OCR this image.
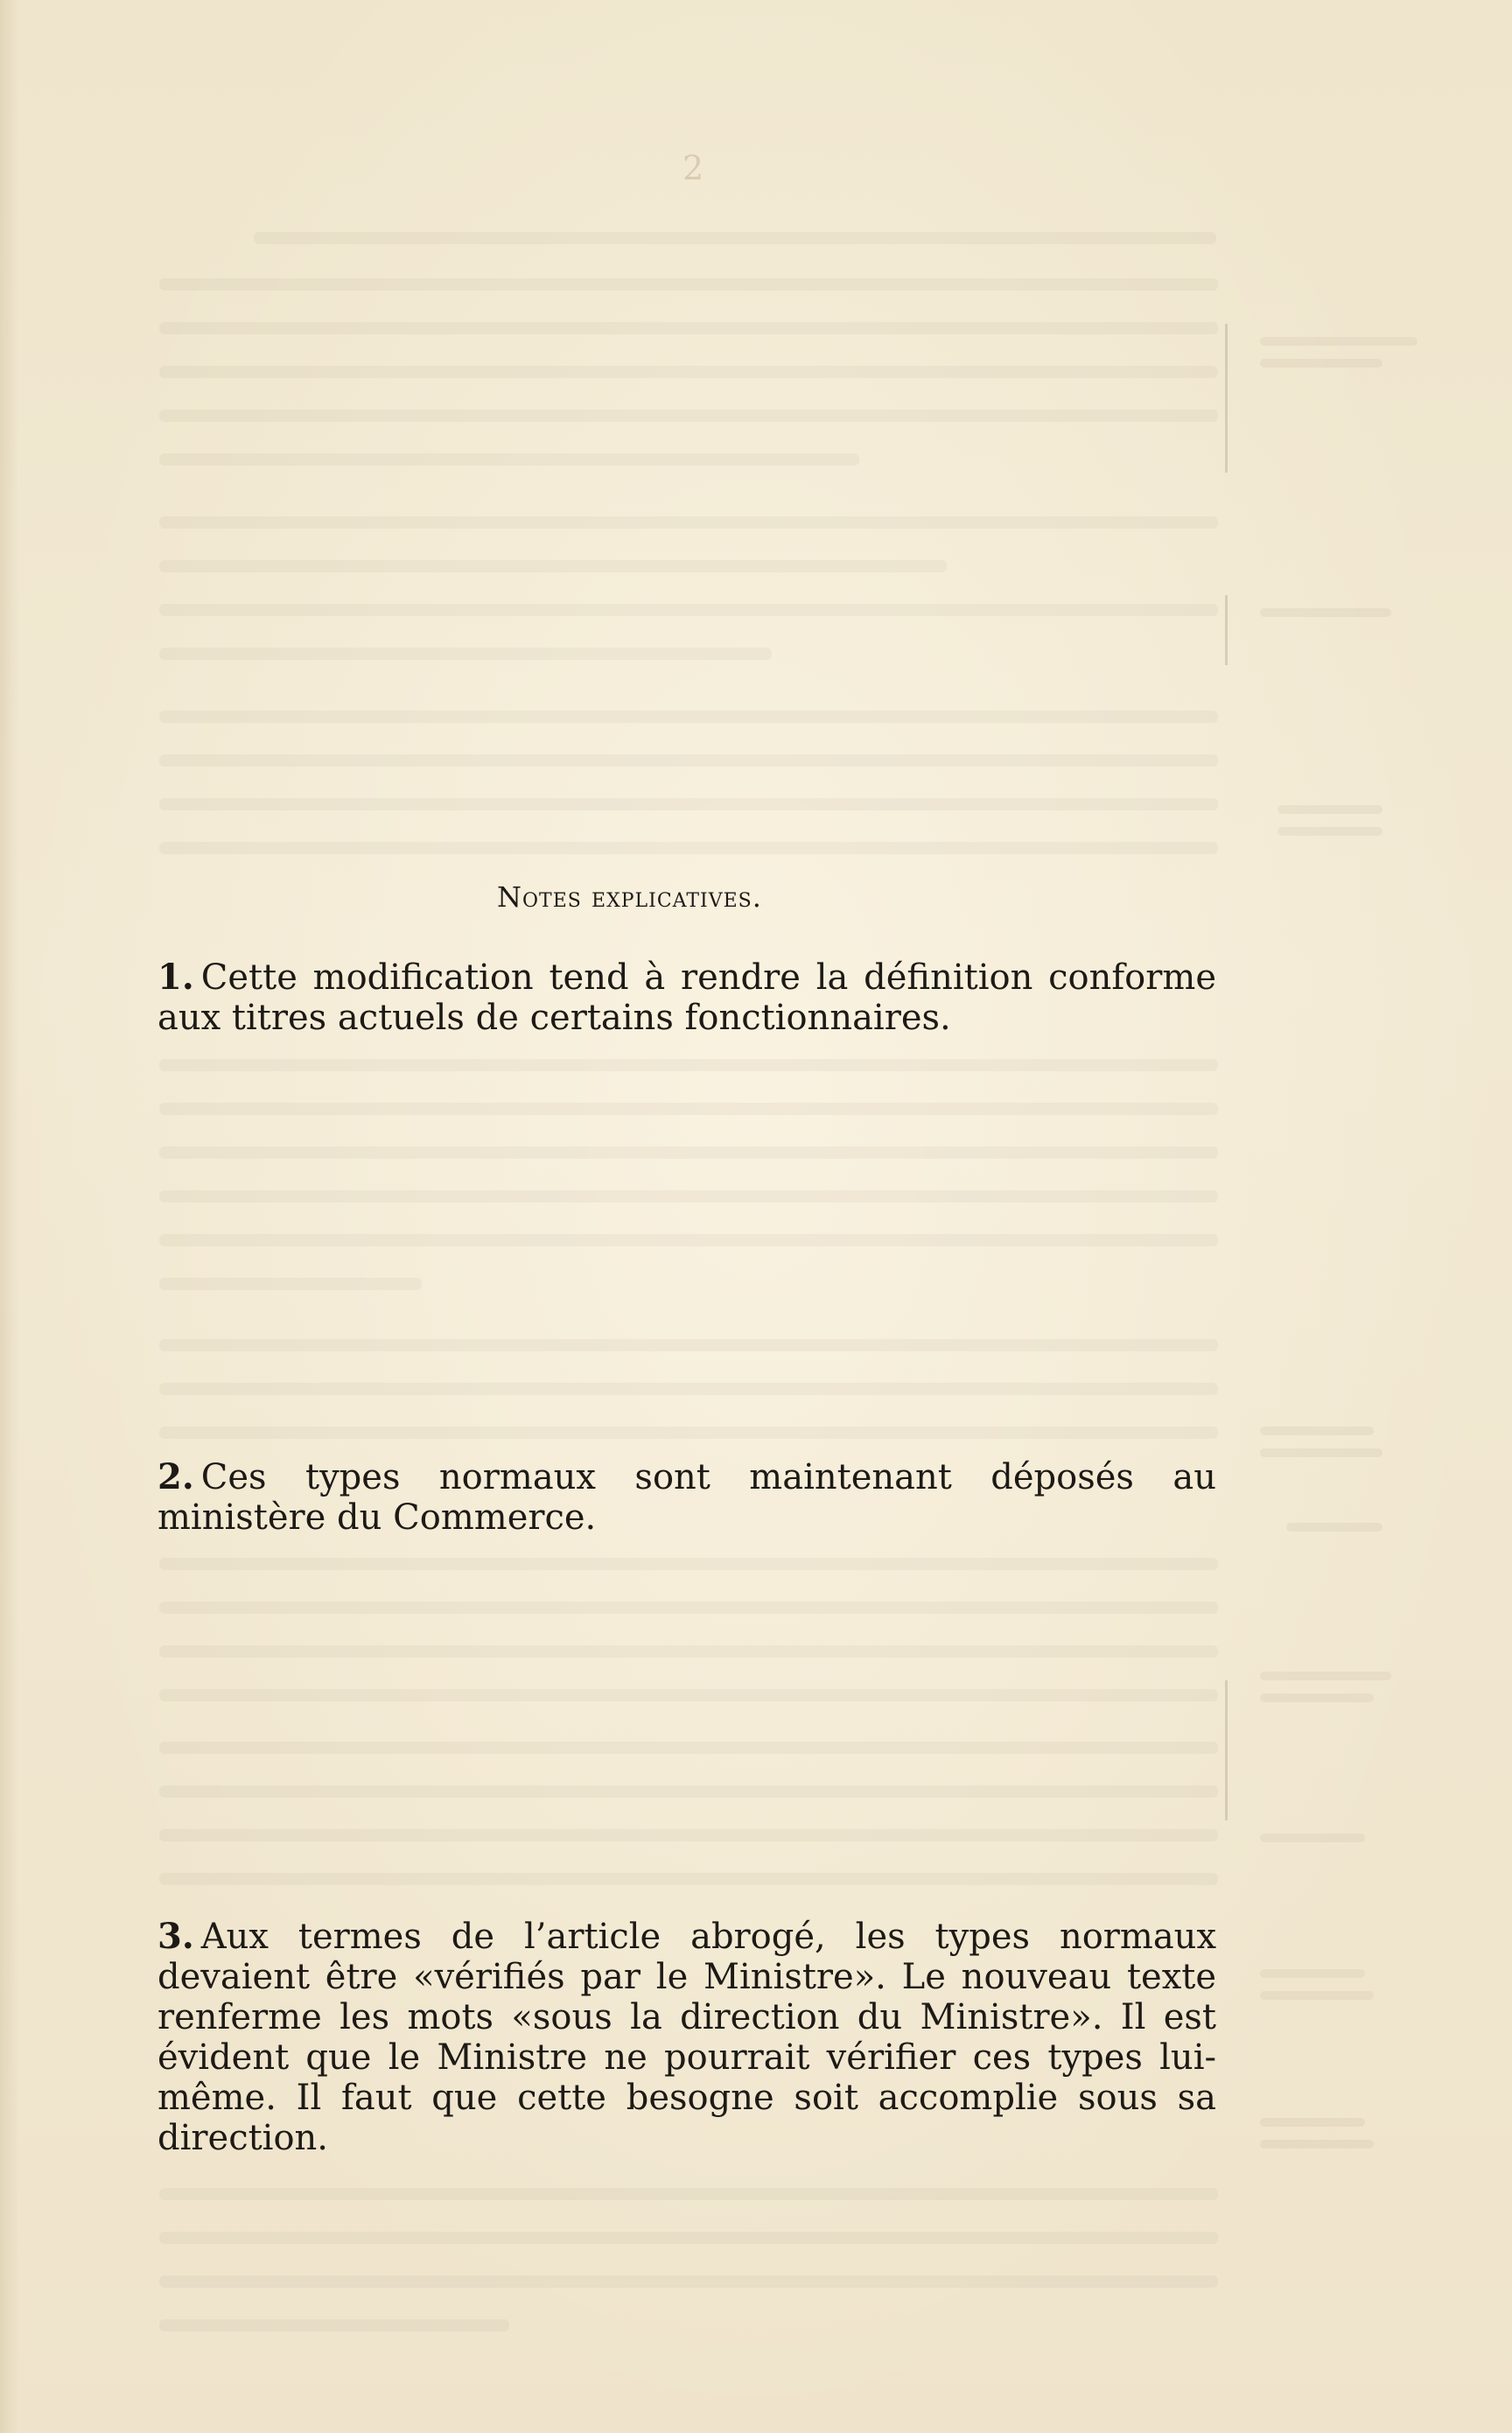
2
Notes explicatives.
1. Cette modification tend à rendre la définition conforme aux titres actuels de certains fonctionnaires.
2. Ces types normaux sont maintenant déposés au ministère du Commerce.
3. Aux termes de l’article abrogé, les types normaux devaient être «vérifiés par le Ministre». Le nouveau texte renferme les mots «sous la direction du Ministre». Il est évident que le Ministre ne pourrait vérifier ces types lui-même. Il faut que cette besogne soit accomplie sous sa direction.
